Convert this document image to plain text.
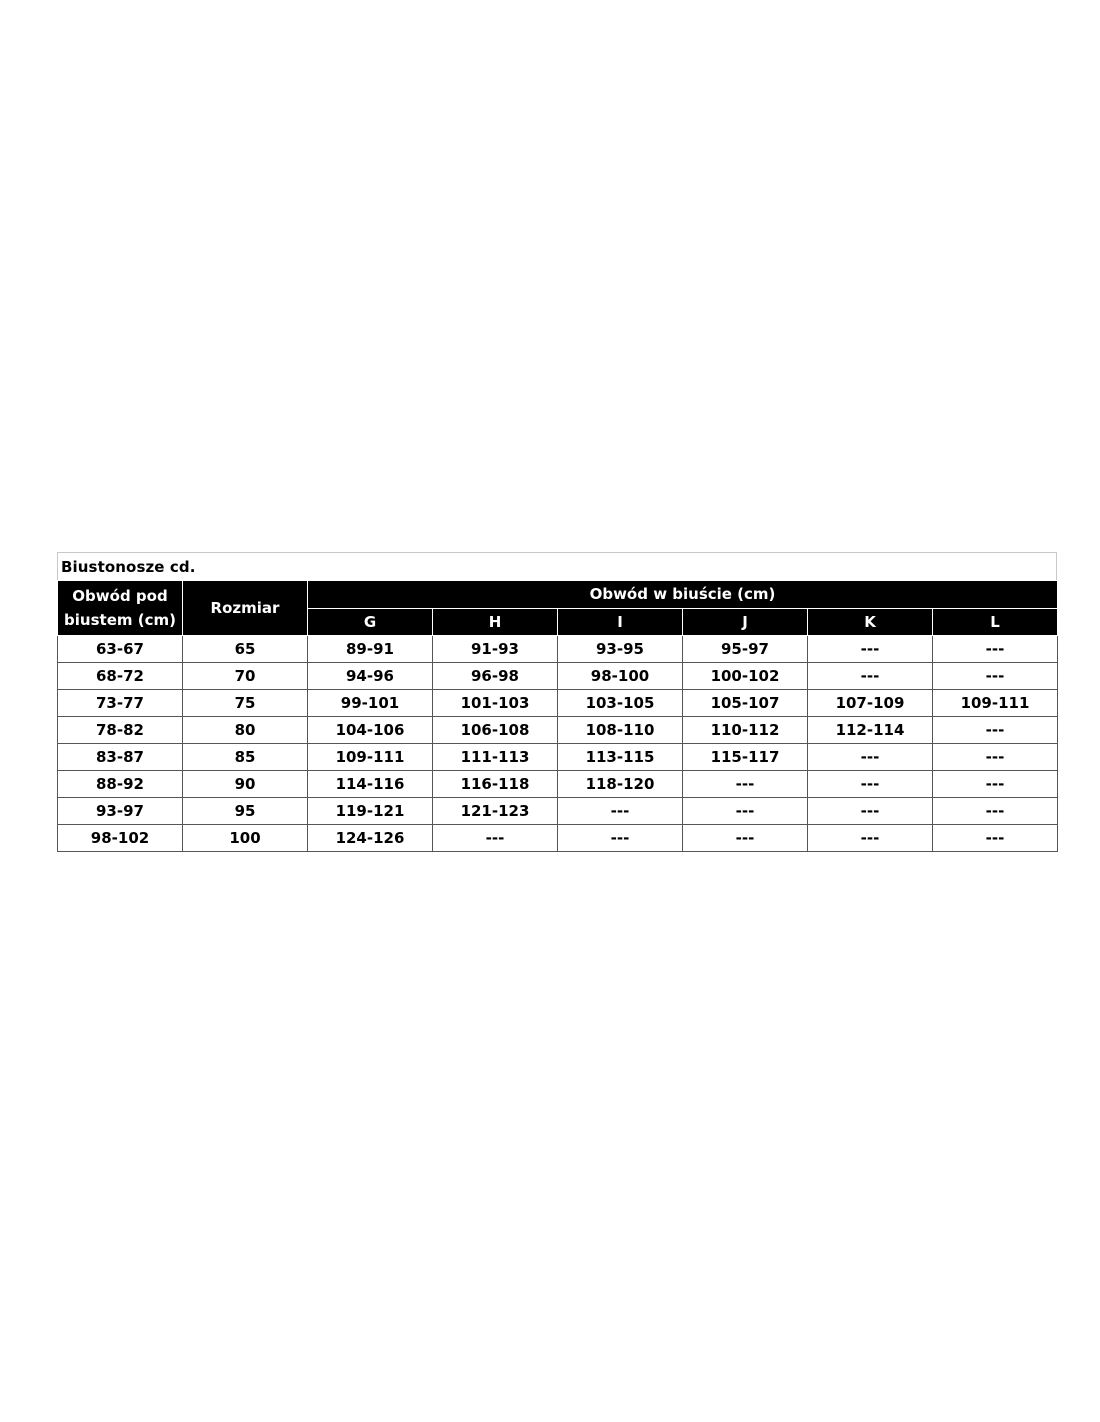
Biustonosze cd.
Obwód pod biustem (cm)	Rozmiar	Obwód w biuście (cm)					
		G	H	I	J	K	L
63-67	65	89-91	91-93	93-95	95-97	---	---
68-72	70	94-96	96-98	98-100	100-102	---	---
73-77	75	99-101	101-103	103-105	105-107	107-109	109-111
78-82	80	104-106	106-108	108-110	110-112	112-114	---
83-87	85	109-111	111-113	113-115	115-117	---	---
88-92	90	114-116	116-118	118-120	---	---	---
93-97	95	119-121	121-123	---	---	---	---
98-102	100	124-126	---	---	---	---	---
